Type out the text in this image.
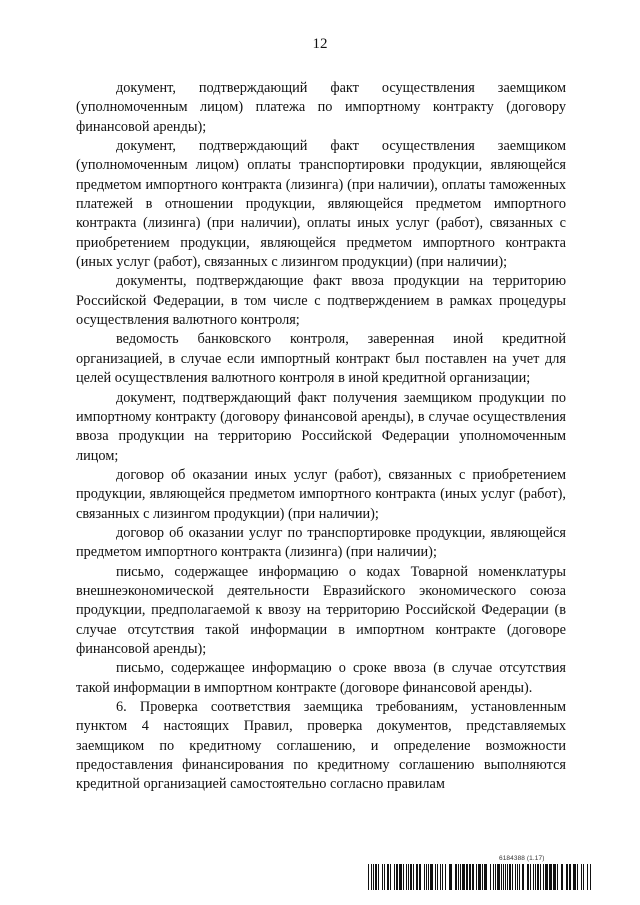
12

документ, подтверждающий факт осуществления заемщиком (уполномоченным лицом) платежа по импортному контракту (договору финансовой аренды);

документ, подтверждающий факт осуществления заемщиком (уполномоченным лицом) оплаты транспортировки продукции, являющейся предметом импортного контракта (лизинга) (при наличии), оплаты таможенных платежей в отношении продукции, являющейся предметом импортного контракта (лизинга) (при наличии), оплаты иных услуг (работ), связанных с приобретением продукции, являющейся предметом импортного контракта (иных услуг (работ), связанных с лизингом продукции) (при наличии);

документы, подтверждающие факт ввоза продукции на территорию Российской Федерации, в том числе с подтверждением в рамках процедуры осуществления валютного контроля;

ведомость банковского контроля, заверенная иной кредитной организацией, в случае если импортный контракт был поставлен на учет для целей осуществления валютного контроля в иной кредитной организации;

документ, подтверждающий факт получения заемщиком продукции по импортному контракту (договору финансовой аренды), в случае осуществления ввоза продукции на территорию Российской Федерации уполномоченным лицом;

договор об оказании иных услуг (работ), связанных с приобретением продукции, являющейся предметом импортного контракта (иных услуг (работ), связанных с лизингом продукции) (при наличии);

договор об оказании услуг по транспортировке продукции, являющейся предметом импортного контракта (лизинга) (при наличии);

письмо, содержащее информацию о кодах Товарной номенклатуры внешнеэкономической деятельности Евразийского экономического союза продукции, предполагаемой к ввозу на территорию Российской Федерации (в случае отсутствия такой информации в импортном контракте (договоре финансовой аренды);

письмо, содержащее информацию о сроке ввоза (в случае отсутствия такой информации в импортном контракте (договоре финансовой аренды).

6. Проверка соответствия заемщика требованиям, установленным пунктом 4 настоящих Правил, проверка документов, представляемых заемщиком по кредитному соглашению, и определение возможности предоставления финансирования по кредитному соглашению выполняются кредитной организацией самостоятельно согласно правилам

6184388 (1.17)
